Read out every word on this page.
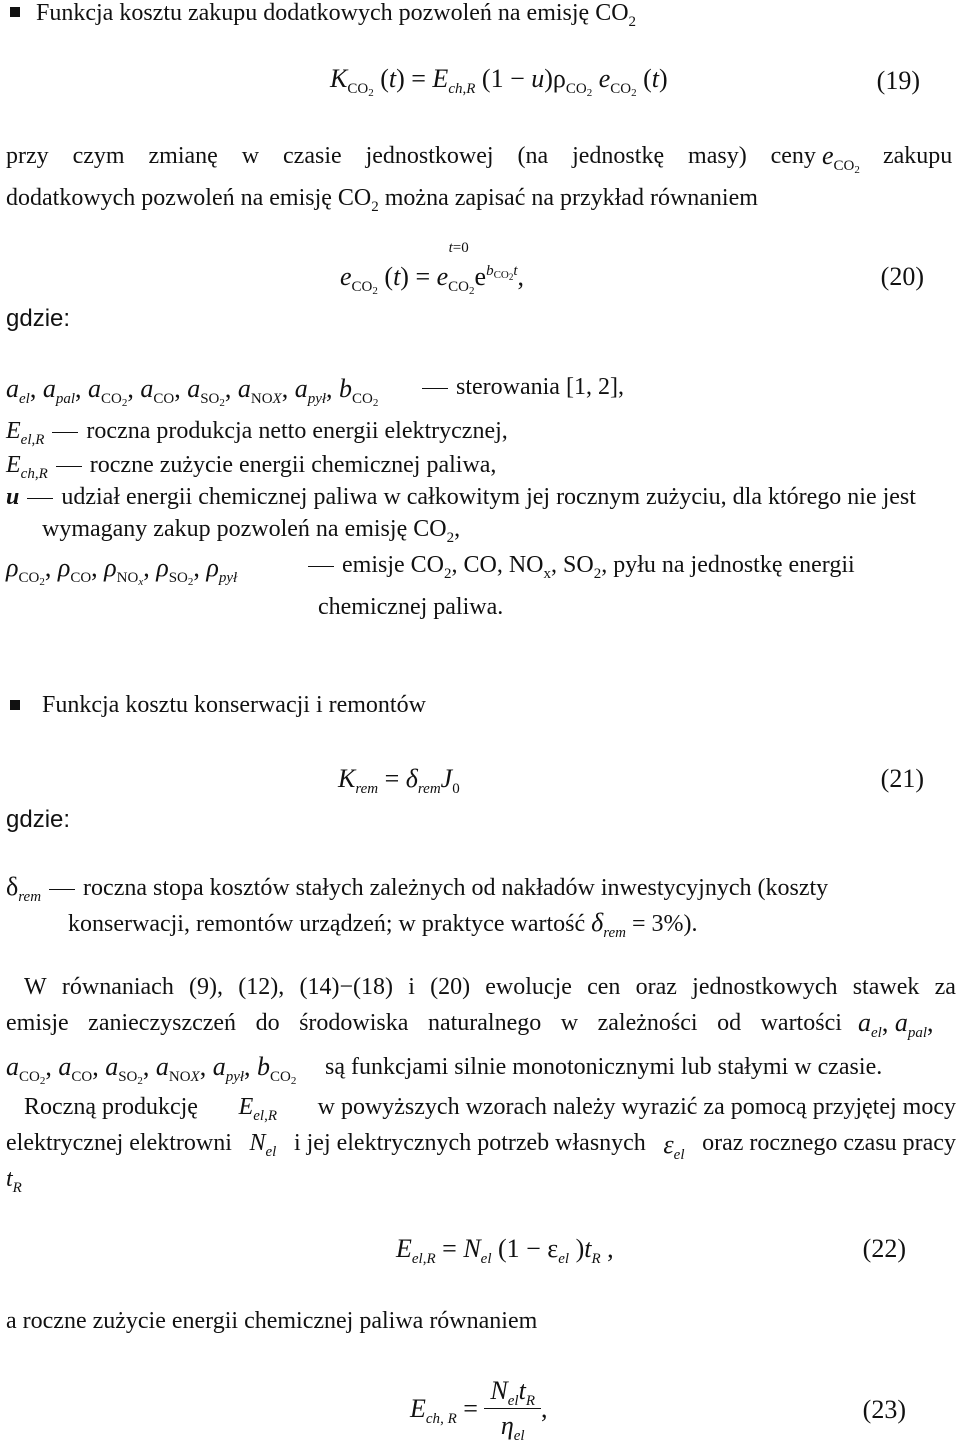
Funkcja kosztu zakupu dodatkowych pozwoleń na emisję $CO_2$
$K_{CO_2}$ $(t) = E_{ch,R}$ $(1 - u)\rho_{CO_2}$ $e_{CO_2}$ (t)	(19)
przy czym zmianę w czasie jednostkowej (na jednostkę masy) ceny $e_{CO_2}$
zakupu
dodatkowych pozwoleń na emisję $CO_2$ można zapisać na przykład równaniem
$e_{CO_2}$ (t) = e
t=0
$_{CO_2}e^{b_{CO_2}t}$,	(20)
gdzie:
$a_{el}$, $a_{pal}$, $a_{CO_2}$, $a_{CO}$, $a_{SO_2}$, $a_{NOX}$, $a_{pył}$, $b_{CO_2}$
sterowania [1, 2],
$E_{el,R}$ roczna produkcja netto energii elektrycznej,
$E_{ch,R}$ roczne zużycie energii chemicznej paliwa,
u udział energii chemicznej paliwa w całkowitym jej rocznym zużyciu, dla którego nie jest
wymagany zakup pozwoleń na emisję $CO_2$,
$\rho_{CO_2}$, $\rho_{CO}$, $\rho_{NO_x}$, $\rho_{SO_2}$, $\rho_{pył}$	emisje $CO_2$, CO, $NO_x$, $SO_2$, pyłu na jednostkę energii
chemicznej paliwa.
Funkcja kosztu konserwacji i remontów
$K_{rem} = \delta_{rem}J_0$	(21)
gdzie:
$\delta_{rem}$ roczna stopa kosztów stałych zależnych od nakładów inwestycyjnych (koszty
konserwacji, remontów urządzeń; w praktyce wartość $\delta_{rem} = 3\%$).
W równaniach (9), (12), (14)−(18) i (20) ewolucje cen oraz jednostkowych stawek za
emisje zanieczyszczeń do środowiska naturalnego w zależności od wartości $a_{el}$, $a_{pal}$,
$a_{CO_2}$, $a_{CO}$, $a_{SO_2}$, $a_{NOX}$, $a_{pył}$, $b_{CO_2}$
są funkcjami silnie monotonicznymi lub stałymi w czasie.
Roczną produkcję $E_{el,R}$ w powyższych wzorach należy wyrazić za pomocą przyjętej mocy
elektrycznej elektrowni $N_{el}$ i jej elektrycznych potrzeb własnych $\varepsilon_{el}$ oraz rocznego czasu pracy
$t_R$
$E_{el,R} = N_{el}$ ($1 - \varepsilon_{el}$ )$t_R$ ,	(22)
a roczne zużycie energii chemicznej paliwa równaniem
$E_{ch, R} = \frac{N_{el}t_R}{\eta_{el}}$ ,	(23)
